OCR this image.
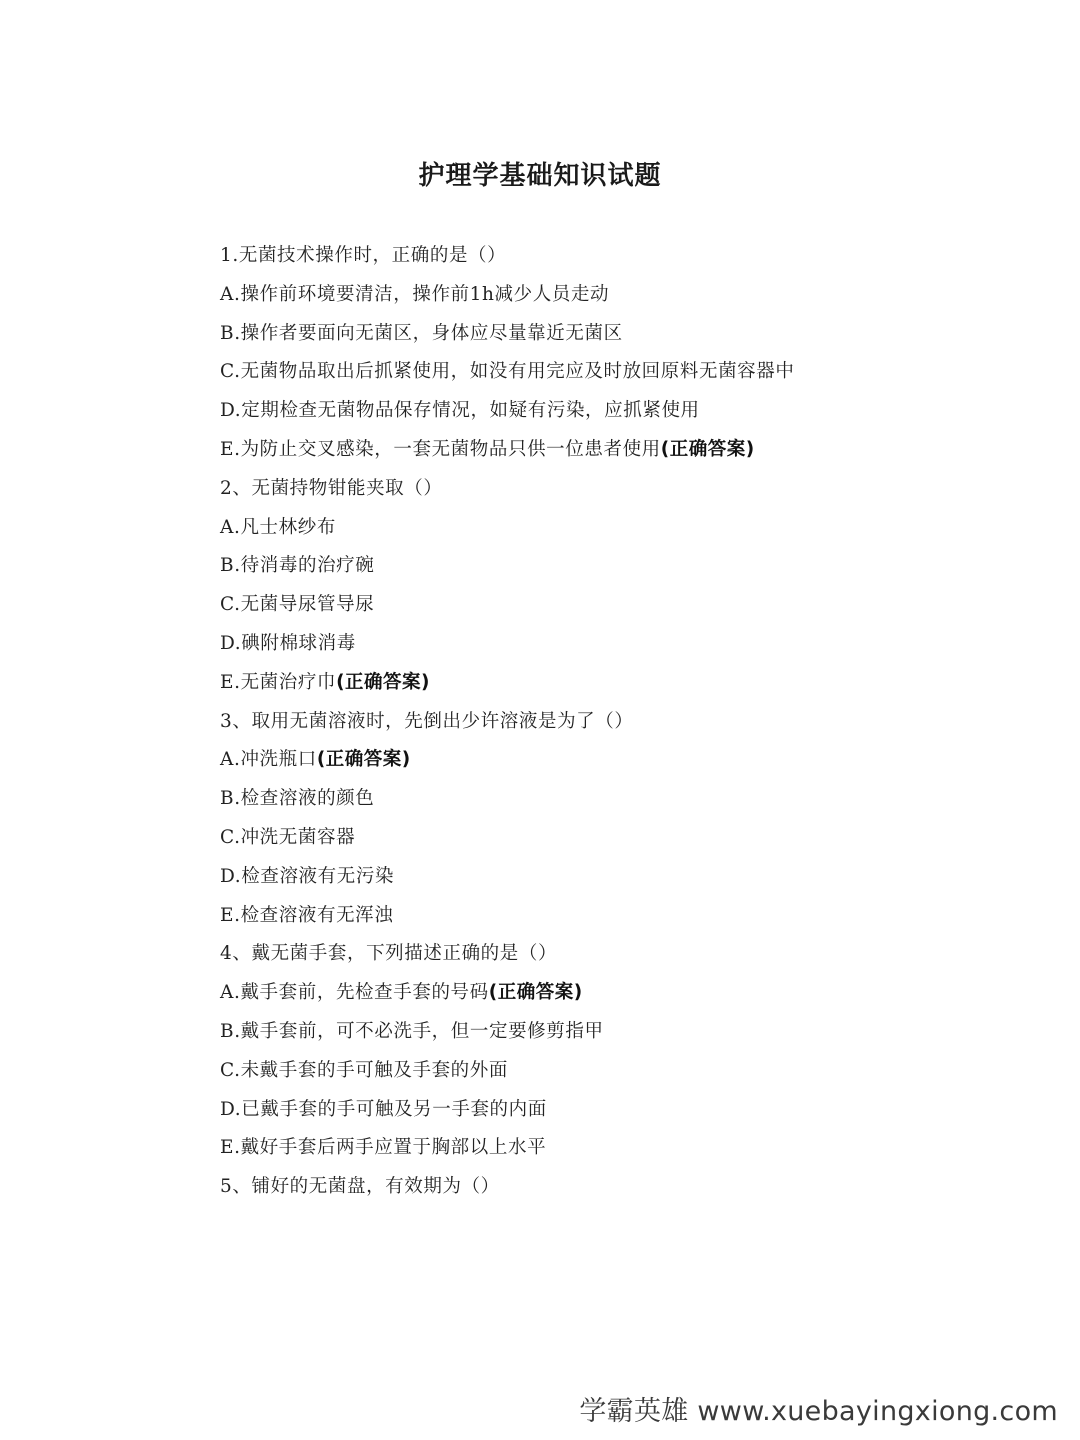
护理学基础知识试题
1.无菌技术操作时，正确的是（）
A.操作前环境要清洁，操作前1h减少人员走动
B.操作者要面向无菌区，身体应尽量靠近无菌区
C.无菌物品取出后抓紧使用，如没有用完应及时放回原料无菌容器中
D.定期检查无菌物品保存情况，如疑有污染，应抓紧使用
E.为防止交叉感染，一套无菌物品只供一位患者使用(正确答案)
2、无菌持物钳能夹取（）
A.凡士林纱布
B.待消毒的治疗碗
C.无菌导尿管导尿
D.碘附棉球消毒
E.无菌治疗巾(正确答案)
3、取用无菌溶液时，先倒出少许溶液是为了（）
A.冲洗瓶口(正确答案)
B.检查溶液的颜色
C.冲洗无菌容器
D.检查溶液有无污染
E.检查溶液有无浑浊
4、戴无菌手套，下列描述正确的是（）
A.戴手套前，先检查手套的号码(正确答案)
B.戴手套前，可不必洗手，但一定要修剪指甲
C.未戴手套的手可触及手套的外面
D.已戴手套的手可触及另一手套的内面
E.戴好手套后两手应置于胸部以上水平
5、铺好的无菌盘，有效期为（）
学霸英雄 www.xuebayingxiong.com
